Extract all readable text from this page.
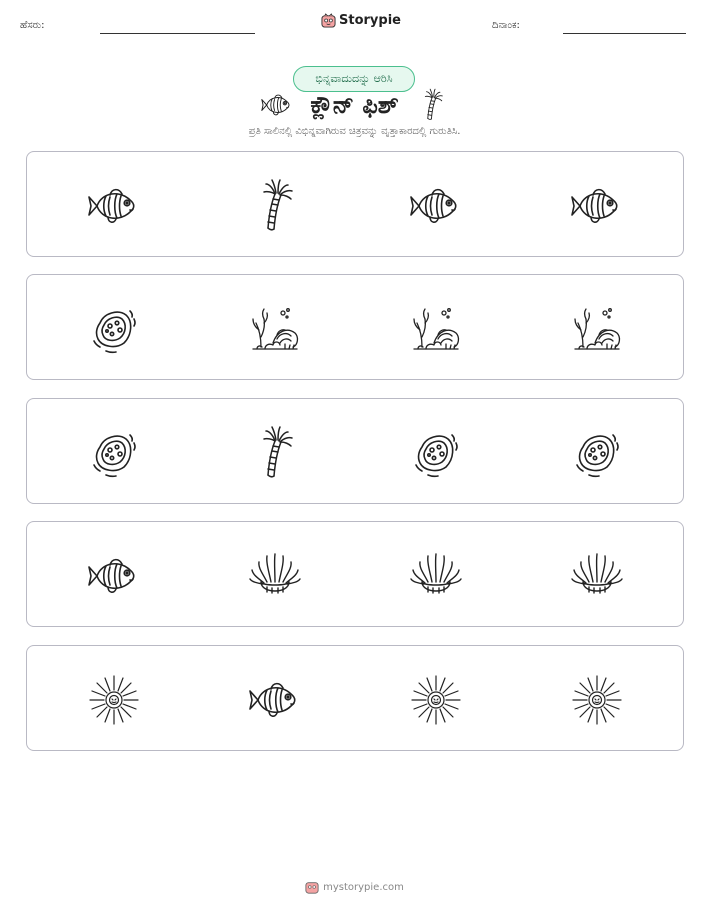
ಹೆಸರು:	Storypie	ದಿನಾಂಕ:
ಭಿನ್ನವಾದುದನ್ನು ಆರಿಸಿ
ಕ್ಲೌನ್ ಫಿಶ್
ಪ್ರತಿ ಸಾಲಿನಲ್ಲಿ ವಿಭಿನ್ನವಾಗಿರುವ ಚಿತ್ರವನ್ನು ವೃತ್ತಾಕಾರದಲ್ಲಿ ಗುರುತಿಸಿ.
mystorypie.com
